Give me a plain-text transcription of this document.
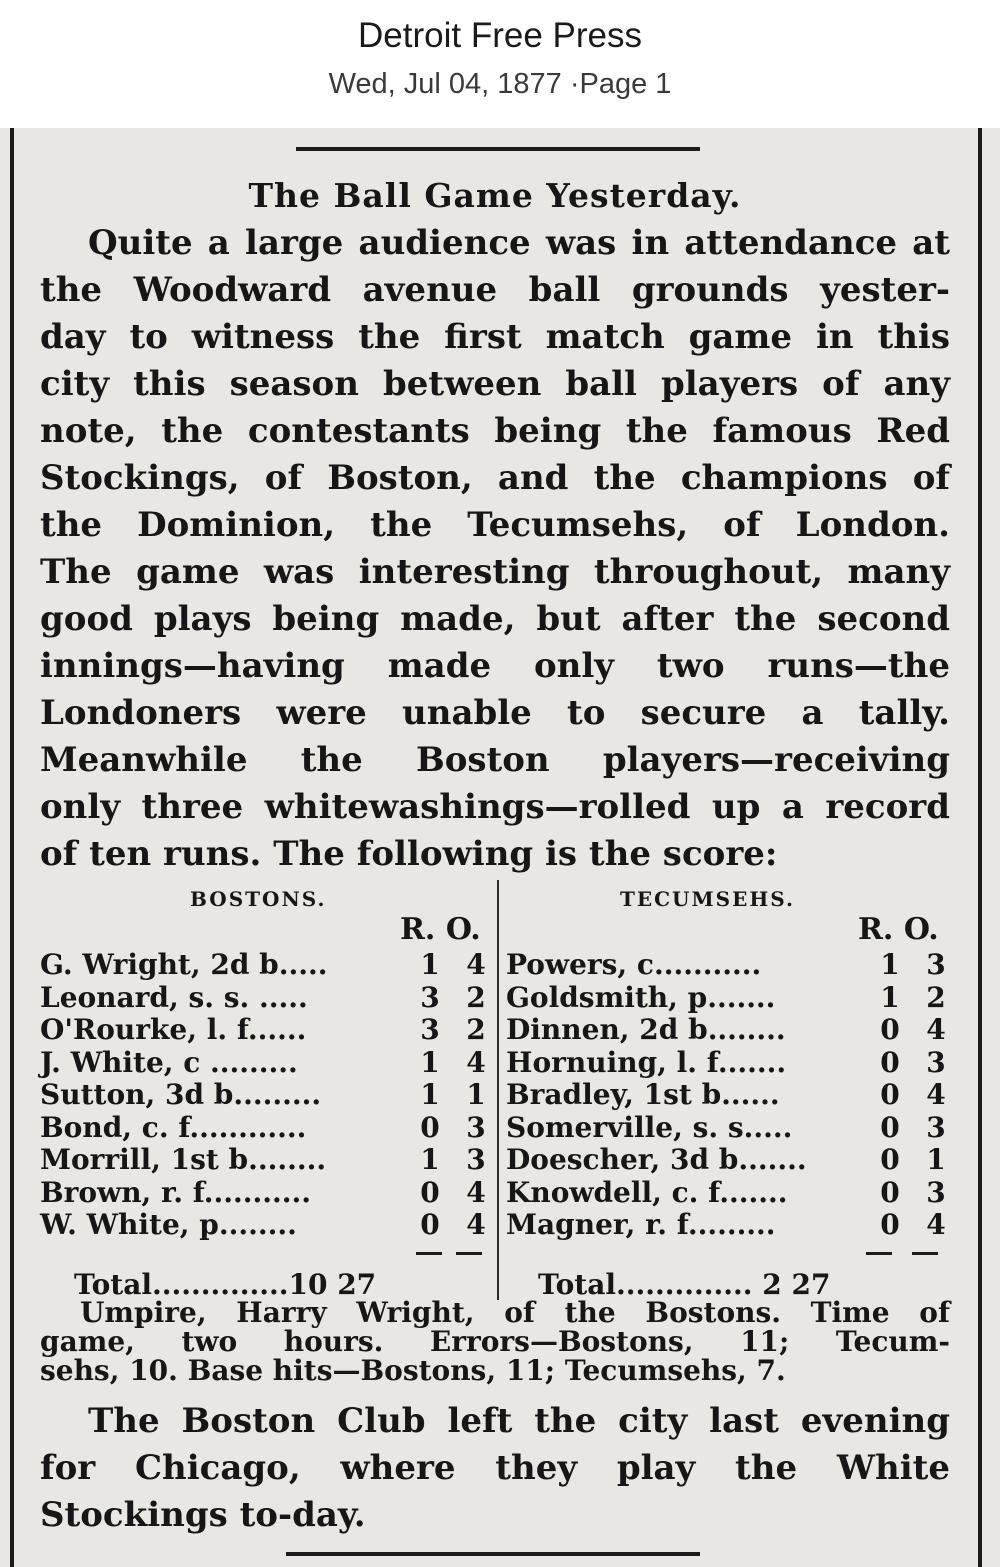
Detroit Free Press
Wed, Jul 04, 1877 ·Page 1
The Ball Game Yesterday.
Quite a large audience was in attendance at
the Woodward avenue ball grounds yester-
day to witness the first match game in this
city this season between ball players of any
note, the contestants being the famous Red
Stockings, of Boston, and the champions of
the Dominion, the Tecumsehs, of London.
The game was interesting throughout, many
good plays being made, but after the second
innings—having made only two runs—the
Londoners were unable to secure a tally.
Meanwhile the Boston players—receiving
only three whitewashings—rolled up a record
of ten runs. The following is the score:
BOSTONS.	TECUMSEHS.
R. O.	R. O.
G. Wright, 2d b.....	1 4
Leonard, s. s. .....	3 2
O'Rourke, l. f......	3 2
J. White, c .........	1 4
Sutton, 3d b.........	1 1
Bond, c. f............	0 3
Morrill, 1st b........	1 3
Brown, r. f...........	0 4
W. White, p........	0 4
Powers, c...........	1 3
Goldsmith, p.......	1 2
Dinnen, 2d b........	0 4
Hornuing, l. f.......	0 3
Bradley, 1st b......	0 4
Somerville, s. s.....	0 3
Doescher, 3d b.......	0 1
Knowdell, c. f.......	0 3
Magner, r. f.........	0 4
Total..............10 27	Total.............. 2 27
Umpire, Harry Wright, of the Bostons. Time of
game, two hours. Errors—Bostons, 11; Tecum-
sehs, 10. Base hits—Bostons, 11; Tecumsehs, 7.
The Boston Club left the city last evening
for Chicago, where they play the White
Stockings to-day.
